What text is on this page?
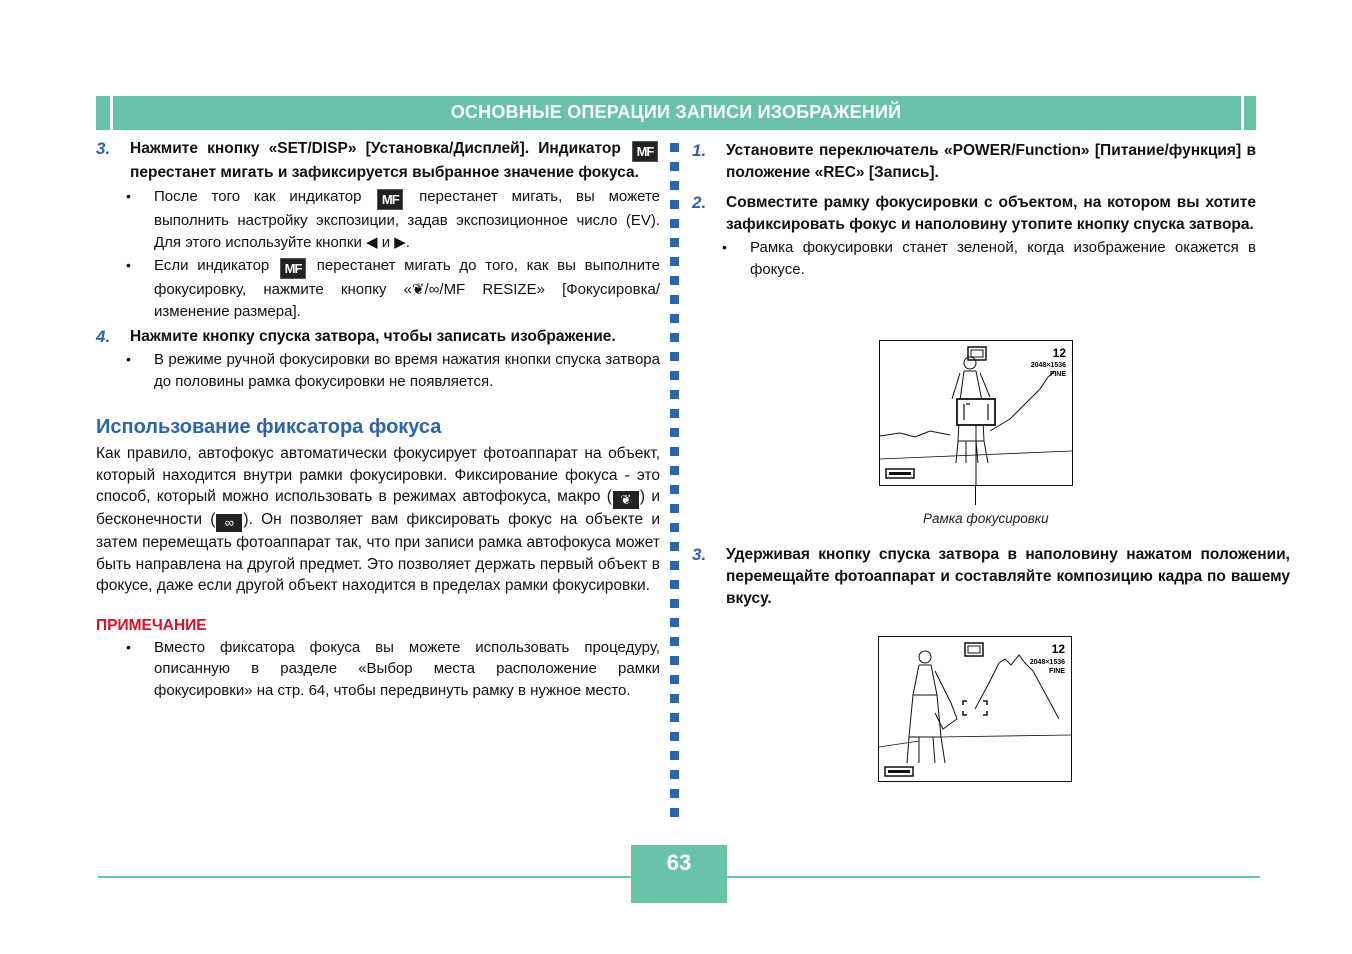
ОСНОВНЫЕ ОПЕРАЦИИ ЗАПИСИ ИЗОБРАЖЕНИЙ
3. Нажмите кнопку «SET/DISP» [Установка/Дисплей]. Индикатор MF перестанет мигать и зафиксируется выбранное значение фокуса.
• После того как индикатор MF перестанет мигать, вы можете выполнить настройку экспозиции, задав экспозиционное число (EV). Для этого используйте кнопки ◀ и ▶.
• Если индикатор MF перестанет мигать до того, как вы выполните фокусировку, нажмите кнопку «❦/∞/MF RESIZE» [Фокусировка/изменение размера].
4. Нажмите кнопку спуска затвора, чтобы записать изображение.
• В режиме ручной фокусировки во время нажатия кнопки спуска затвора до половины рамка фокусировки не появляется.
Использование фиксатора фокуса
Как правило, автофокус автоматически фокусирует фотоаппарат на объект, который находится внутри рамки фокусировки. Фиксирование фокуса - это способ, который можно использовать в режимах автофокуса, макро ( ❦ ) и бесконечности ( ∞ ). Он позволяет вам фиксировать фокус на объекте и затем перемещать фотоаппарат так, что при записи рамка автофокуса может быть направлена на другой предмет. Это позволяет держать первый объект в фокусе, даже если другой объект находится в пределах рамки фокусировки.
ПРИМЕЧАНИЕ
• Вместо фиксатора фокуса вы можете использовать процедуру, описанную в разделе «Выбор места расположение рамки фокусировки» на стр. 64, чтобы передвинуть рамку в нужное место.
1. Установите переключатель «POWER/Function» [Питание/функция] в положение «REC» [Запись].
2. Совместите рамку фокусировки с объектом, на котором вы хотите зафиксировать фокус и наполовину утопите кнопку спуска затвора.
• Рамка фокусировки станет зеленой, когда изображение окажется в фокусе.
3. Удерживая кнопку спуска затвора в наполовину нажатом положении, перемещайте фотоаппарат и составляйте композицию кадра по вашему вкусу.
12
2048×1536
FINE
Рамка фокусировки
12
2048×1536
FINE
63
